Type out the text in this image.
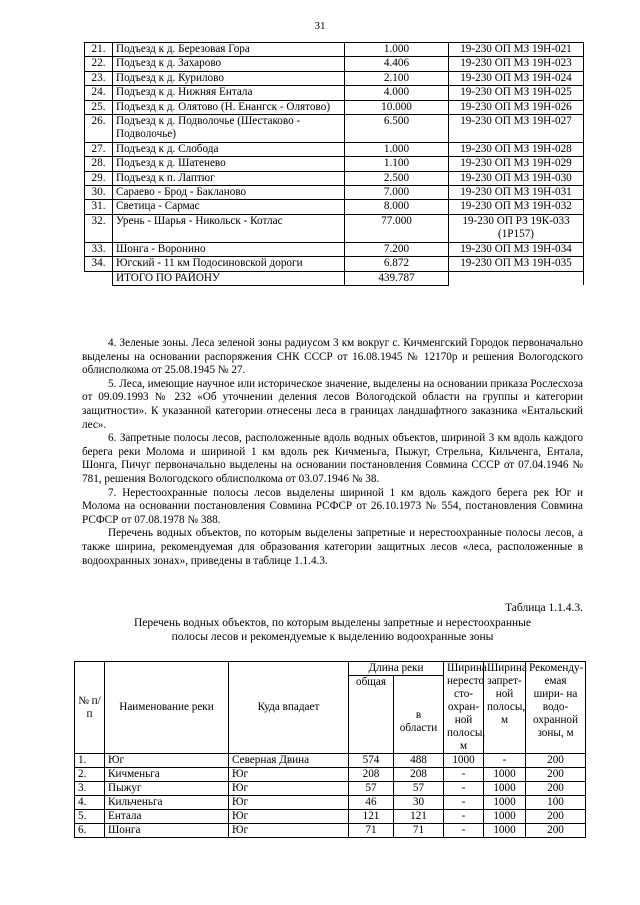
31
21.	Подъезд к д. Березовая Гора	1.000	19-230 ОП МЗ 19Н-021
22.	Подъезд к д. Захарово	4.406	19-230 ОП МЗ 19Н-023
23.	Подъезд к д. Курилово	2.100	19-230 ОП МЗ 19Н-024
24.	Подъезд к д. Нижняя Ентала	4.000	19-230 ОП МЗ 19Н-025
25.	Подъезд к д. Олятово (Н. Енангск - Олятово)	10.000	19-230 ОП МЗ 19Н-026
26.	Подъезд к д. Подволочье (Шестаково - Подволочье)	6.500	19-230 ОП МЗ 19Н-027
27.	Подъезд к д. Слобода	1.000	19-230 ОП МЗ 19Н-028
28.	Подъезд к д. Шатенево	1.100	19-230 ОП МЗ 19Н-029
29.	Подъезд к п. Лаптюг	2.500	19-230 ОП МЗ 19Н-030
30.	Сараево - Брод - Бакланово	7.000	19-230 ОП МЗ 19Н-031
31.	Светица - Сармас	8.000	19-230 ОП МЗ 19Н-032
32.	Урень - Шарья - Никольск - Котлас	77.000	19-230 ОП РЗ 19К-033 (1Р157)
33.	Шонга - Воронино	7.200	19-230 ОП МЗ 19Н-034
34.	Югский - 11 км Подосиновской дороги	6.872	19-230 ОП МЗ 19Н-035
	ИТОГО ПО РАЙОНУ	439.787	

4. Зеленые зоны. Леса зеленой зоны радиусом 3 км вокруг с. Кичменгский Городок первоначально выделены на основании распоряжения СНК СССР от 16.08.1945 № 12170р и решения Вологодского облисполкома от 25.08.1945 № 27.

5. Леса, имеющие научное или историческое значение, выделены на основании приказа Рослесхоза от 09.09.1993 № 232 «Об уточнении деления лесов Вологодской области на группы и категории защитности». К указанной категории отнесены леса в границах ландшафтного заказника «Ентальский лес».

6. Запретные полосы лесов, расположенные вдоль водных объектов, шириной 3 км вдоль каждого берега реки Молома и шириной 1 км вдоль рек Кичменьга, Пыжуг, Стрельна, Кильченга, Ентала, Шонга, Пичуг первоначально выделены на основании постановления Совмина СССР от 07.04.1946 № 781, решения Вологодского облисполкома от 03.07.1946 № 38.

7. Нерестоохранные полосы лесов выделены шириной 1 км вдоль каждого берега рек Юг и Молома на основании постановления Совмина РСФСР от 26.10.1973 № 554, постановления Совмина РСФСР от 07.08.1978 № 388.

Перечень водных объектов, по которым выделены запретные и нерестоохранные полосы лесов, а также ширина, рекомендуемая для образования категории защитных лесов «леса, расположенные в водоохранных зонах», приведены в таблице 1.1.4.3.

Таблица 1.1.4.3.
Перечень водных объектов, по которым выделены запретные и нерестоохранные
полосы лесов и рекомендуемые к выделению водоохранные зоны
№ п/п	Наименование реки	Куда впадает	Длина реки		Ширина нересто сто- охран- ной полосы, м	Ширина запрет- ной полосы, м	Рекоменду- емая шири- на водо- охранной зоны, м
			общая				
				в области			
1.	Юг	Северная Двина	574	488	1000	-	200
2.	Кичменьга	Юг	208	208	-	1000	200
3.	Пыжуг	Юг	57	57	-	1000	200
4.	Кильченьга	Юг	46	30	-	1000	100
5.	Ентала	Юг	121	121	-	1000	200
6.	Шонга	Юг	71	71	-	1000	200
